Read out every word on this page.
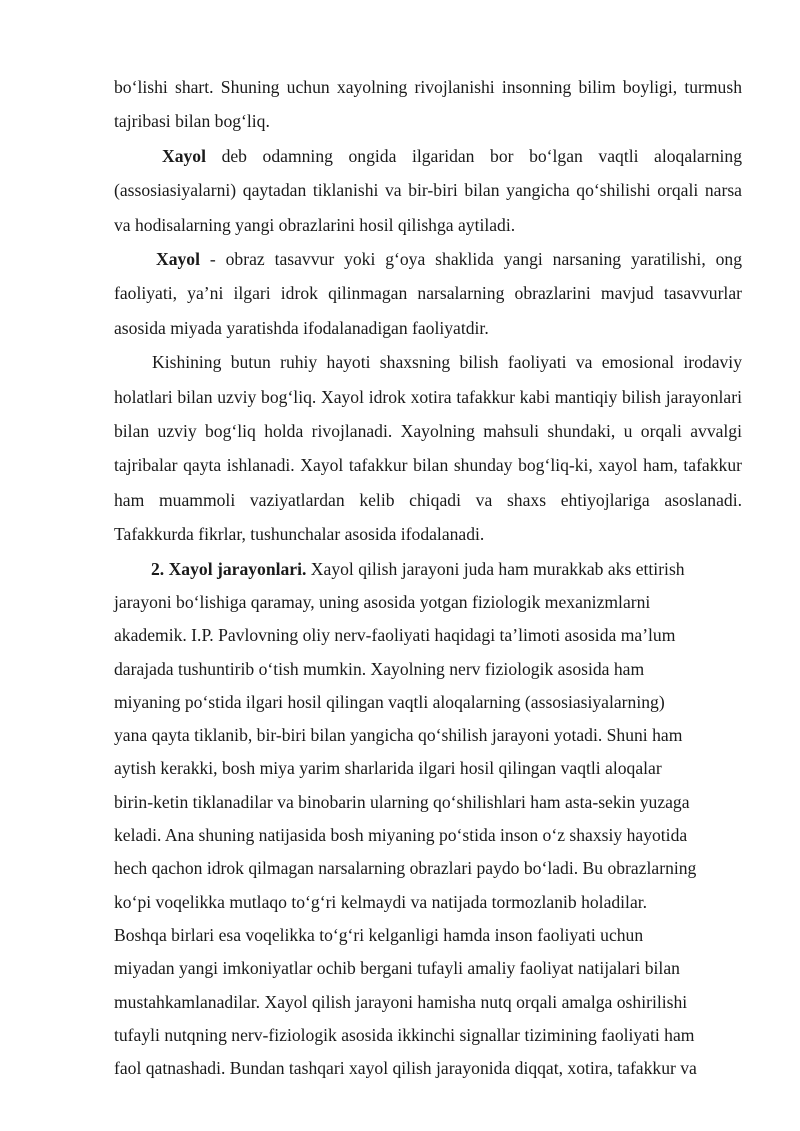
bo‘lishi shart. Shuning uchun xayolning rivojlanishi insonning bilim boyligi, turmush tajribasi bilan bog‘liq.

Xayol deb odamning ongida ilgaridan bor bo‘lgan vaqtli aloqalarning (assosiasiyalarni) qaytadan tiklanishi va bir-biri bilan yangicha qo‘shilishi orqali narsa va hodisalarning yangi obrazlarini hosil qilishga aytiladi.

Xayol - obraz tasavvur yoki g‘oya shaklida yangi narsaning yaratilishi, ong faoliyati, ya’ni ilgari idrok qilinmagan narsalarning obrazlarini mavjud tasavvurlar asosida miyada yaratishda ifodalanadigan faoliyatdir.

Kishining butun ruhiy hayoti shaxsning bilish faoliyati va emosional irodaviy holatlari bilan uzviy bog‘liq. Xayol idrok xotira tafakkur kabi mantiqiy bilish jarayonlari bilan uzviy bog‘liq holda rivojlanadi. Xayolning mahsuli shundaki, u orqali avvalgi tajribalar qayta ishlanadi. Xayol tafakkur bilan shunday bog‘liq-ki, xayol ham, tafakkur ham muammoli vaziyatlardan kelib chiqadi va shaxs ehtiyojlariga asoslanadi. Tafakkurda fikrlar, tushunchalar asosida ifodalanadi.

2. Xayol jarayonlari. Xayol qilish jarayoni juda ham murakkab aks ettirish
jarayoni bo‘lishiga qaramay, uning asosida yotgan fiziologik mexanizmlarni
akademik. I.P. Pavlovning oliy nerv-faoliyati haqidagi ta’limoti asosida ma’lum
darajada tushuntirib o‘tish mumkin. Xayolning nerv fiziologik asosida ham
miyaning po‘stida ilgari hosil qilingan vaqtli aloqalarning (assosiasiyalarning)
yana qayta tiklanib, bir-biri bilan yangicha qo‘shilish jarayoni yotadi. Shuni ham
aytish kerakki, bosh miya yarim sharlarida ilgari hosil qilingan vaqtli aloqalar
birin-ketin tiklanadilar va binobarin ularning qo‘shilishlari ham asta-sekin yuzaga
keladi. Ana shuning natijasida bosh miyaning po‘stida inson o‘z shaxsiy hayotida
hech qachon idrok qilmagan narsalarning obrazlari paydo bo‘ladi. Bu obrazlarning
ko‘pi voqelikka mutlaqo to‘g‘ri kelmaydi va natijada tormozlanib holadilar.
Boshqa birlari esa voqelikka to‘g‘ri kelganligi hamda inson faoliyati uchun
miyadan yangi imkoniyatlar ochib bergani tufayli amaliy faoliyat natijalari bilan
mustahkamlanadilar. Xayol qilish jarayoni hamisha nutq orqali amalga oshirilishi
tufayli nutqning nerv-fiziologik asosida ikkinchi signallar tizimining faoliyati ham
faol qatnashadi. Bundan tashqari xayol qilish jarayonida diqqat, xotira, tafakkur va
